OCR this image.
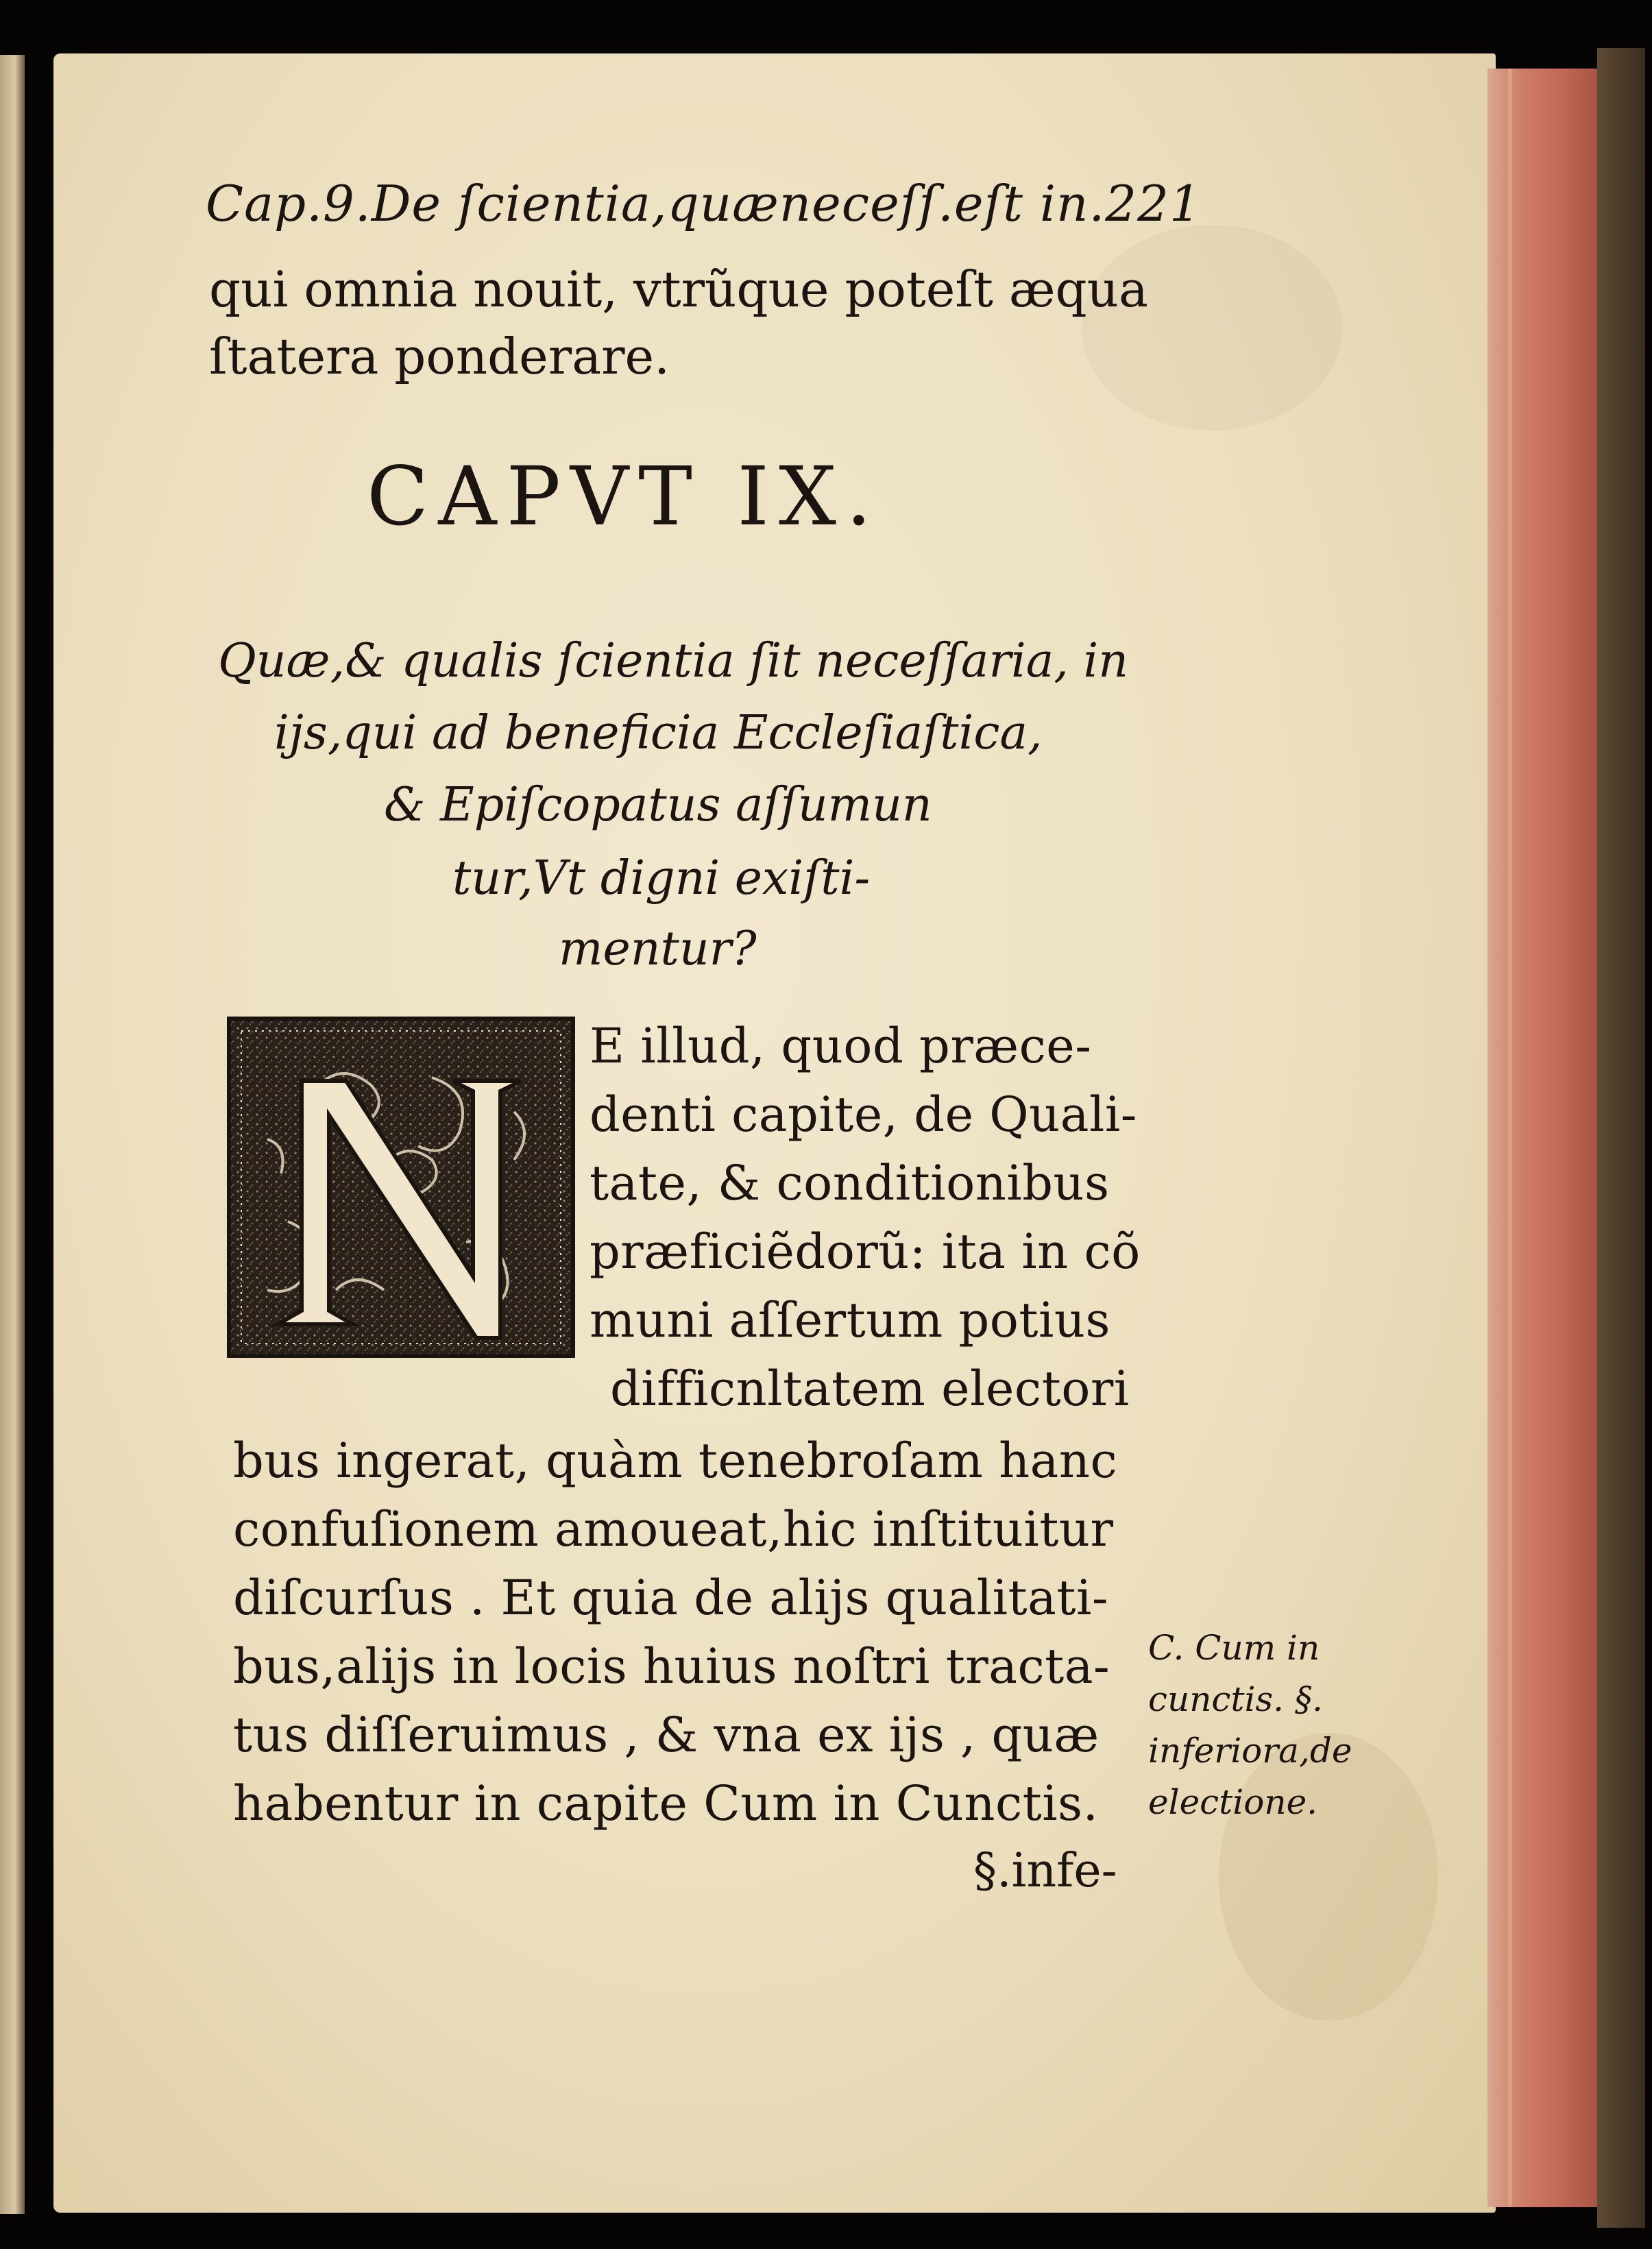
Cap.9.De ſcientia,quæneceſſ.eſt in.221
qui omnia nouit, vtrũque poteſt æqua
ſtatera ponderare.
CAPVT IX.
Quæ,& qualis ſcientia ſit neceſſaria, in
ijs,qui ad beneficia Eccleſiaſtica,
& Epiſcopatus aſſumun
tur,Vt digni exiſti-
mentur?
E illud, quod præce-
denti capite, de Quali-
tate, & conditionibus
præficiẽdorũ: ita in cõ
muni aſſertum potius
difficnltatem electori
bus ingerat, quàm tenebroſam hanc
confuſionem amoueat,hic inſtituitur
diſcurſus . Et quia de alijs qualitati-
bus,alijs in locis huius noſtri tracta-
tus diſſeruimus , & vna ex ijs , quæ
habentur in capite Cum in Cunctis.
§.infe-
C. Cum in
cunctis. §.
inferiora,de
electione.
